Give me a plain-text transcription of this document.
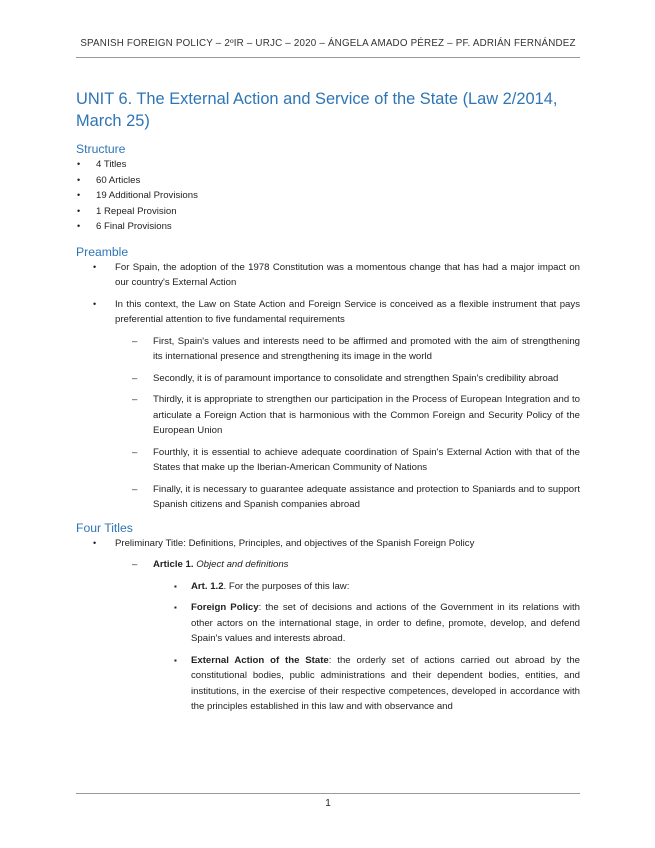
SPANISH FOREIGN POLICY – 2ºIR – URJC – 2020 – ÁNGELA AMADO PÉREZ – PF. ADRIÁN FERNÁNDEZ
UNIT 6. The External Action and Service of the State (Law 2/2014, March 25)
Structure
• 4 Titles
• 60 Articles
• 19 Additional Provisions
• 1 Repeal Provision
• 6 Final Provisions
Preamble
• For Spain, the adoption of the 1978 Constitution was a momentous change that has had a major impact on our country's External Action
• In this context, the Law on State Action and Foreign Service is conceived as a flexible instrument that pays preferential attention to five fundamental requirements
– First, Spain's values and interests need to be affirmed and promoted with the aim of strengthening its international presence and strengthening its image in the world
– Secondly, it is of paramount importance to consolidate and strengthen Spain's credibility abroad
– Thirdly, it is appropriate to strengthen our participation in the Process of European Integration and to articulate a Foreign Action that is harmonious with the Common Foreign and Security Policy of the European Union
– Fourthly, it is essential to achieve adequate coordination of Spain's External Action with that of the States that make up the Iberian-American Community of Nations
– Finally, it is necessary to guarantee adequate assistance and protection to Spaniards and to support Spanish citizens and Spanish companies abroad
Four Titles
• Preliminary Title: Definitions, Principles, and objectives of the Spanish Foreign Policy
– Article 1. Object and definitions
▪ Art. 1.2. For the purposes of this law:
▪ Foreign Policy: the set of decisions and actions of the Government in its relations with other actors on the international stage, in order to define, promote, develop, and defend Spain's values and interests abroad.
▪ External Action of the State: the orderly set of actions carried out abroad by the constitutional bodies, public administrations and their dependent bodies, entities, and institutions, in the exercise of their respective competences, developed in accordance with the principles established in this law and with observance and
1
